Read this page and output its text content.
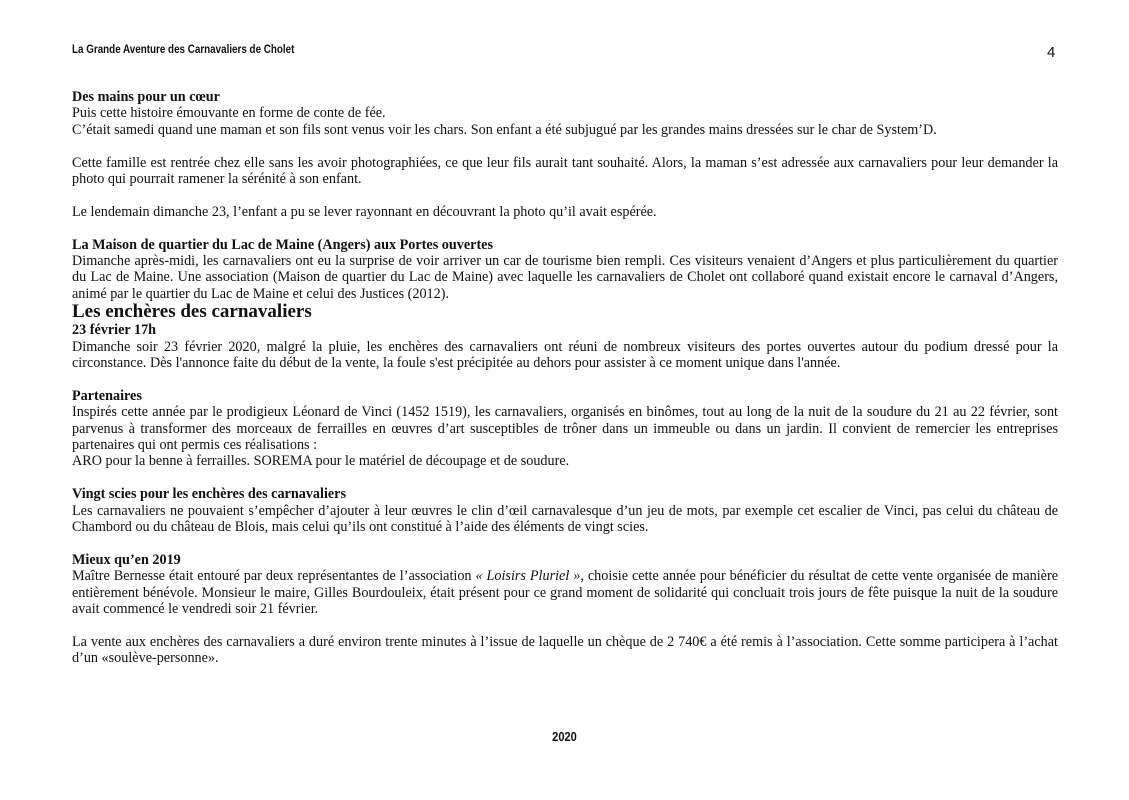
La Grande Aventure des Carnavaliers de Cholet	4

Des mains pour un cœur

Puis cette histoire émouvante en forme de conte de fée.

C’était samedi quand une maman et son fils sont venus voir les chars. Son enfant a été subjugué par les grandes mains dressées sur le char de System’D.

Cette famille est rentrée chez elle sans les avoir photographiées, ce que leur fils aurait tant souhaité. Alors, la maman s’est adressée aux carnavaliers pour leur demander la photo qui pourrait ramener la sérénité à son enfant.

Le lendemain dimanche 23, l’enfant a pu se lever rayonnant en découvrant la photo qu’il avait espérée.

La Maison de quartier du Lac de Maine (Angers) aux Portes ouvertes

Dimanche après-midi, les carnavaliers ont eu la surprise de voir arriver un car de tourisme bien rempli. Ces visiteurs venaient d’Angers et plus particulièrement du quartier du Lac de Maine. Une association (Maison de quartier du Lac de Maine) avec laquelle les carnavaliers de Cholet ont collaboré quand existait encore le carnaval d’Angers, animé par le quartier du Lac de Maine et celui des Justices (2012).

Les enchères des carnavaliers

23 février 17h

Dimanche soir 23 février 2020, malgré la pluie, les enchères des carnavaliers ont réuni de nombreux visiteurs des portes ouvertes autour du podium dressé pour la circonstance. Dès l'annonce faite du début de la vente, la foule s'est précipitée au dehors pour assister à ce moment unique dans l'année.

Partenaires

Inspirés cette année par le prodigieux Léonard de Vinci (1452 1519), les carnavaliers, organisés en binômes, tout au long de la nuit de la soudure du 21 au 22 février, sont parvenus à transformer des morceaux de ferrailles en œuvres d’art susceptibles de trôner dans un immeuble ou dans un jardin. Il convient de remercier les entreprises partenaires qui ont permis ces réalisations :

ARO pour la benne à ferrailles. SOREMA pour le matériel de découpage et de soudure.

Vingt scies pour les enchères des carnavaliers

Les carnavaliers ne pouvaient s’empêcher d’ajouter à leur œuvres le clin d’œil carnavalesque d’un jeu de mots, par exemple cet escalier de Vinci, pas celui du château de Chambord ou du château de Blois, mais celui qu’ils ont constitué à l’aide des éléments de vingt scies.

Mieux qu’en 2019

Maître Bernesse était entouré par deux représentantes de l’association « Loisirs Pluriel », choisie cette année pour bénéficier du résultat de cette vente organisée de manière entièrement bénévole. Monsieur le maire, Gilles Bourdouleix, était présent pour ce grand moment de solidarité qui concluait trois jours de fête puisque la nuit de la soudure avait commencé le vendredi soir 21 février.

La vente aux enchères des carnavaliers a duré environ trente minutes à l’issue de laquelle un chèque de 2 740€ a été remis à l’association. Cette somme participera à l’achat d’un «soulève-personne».

2020
